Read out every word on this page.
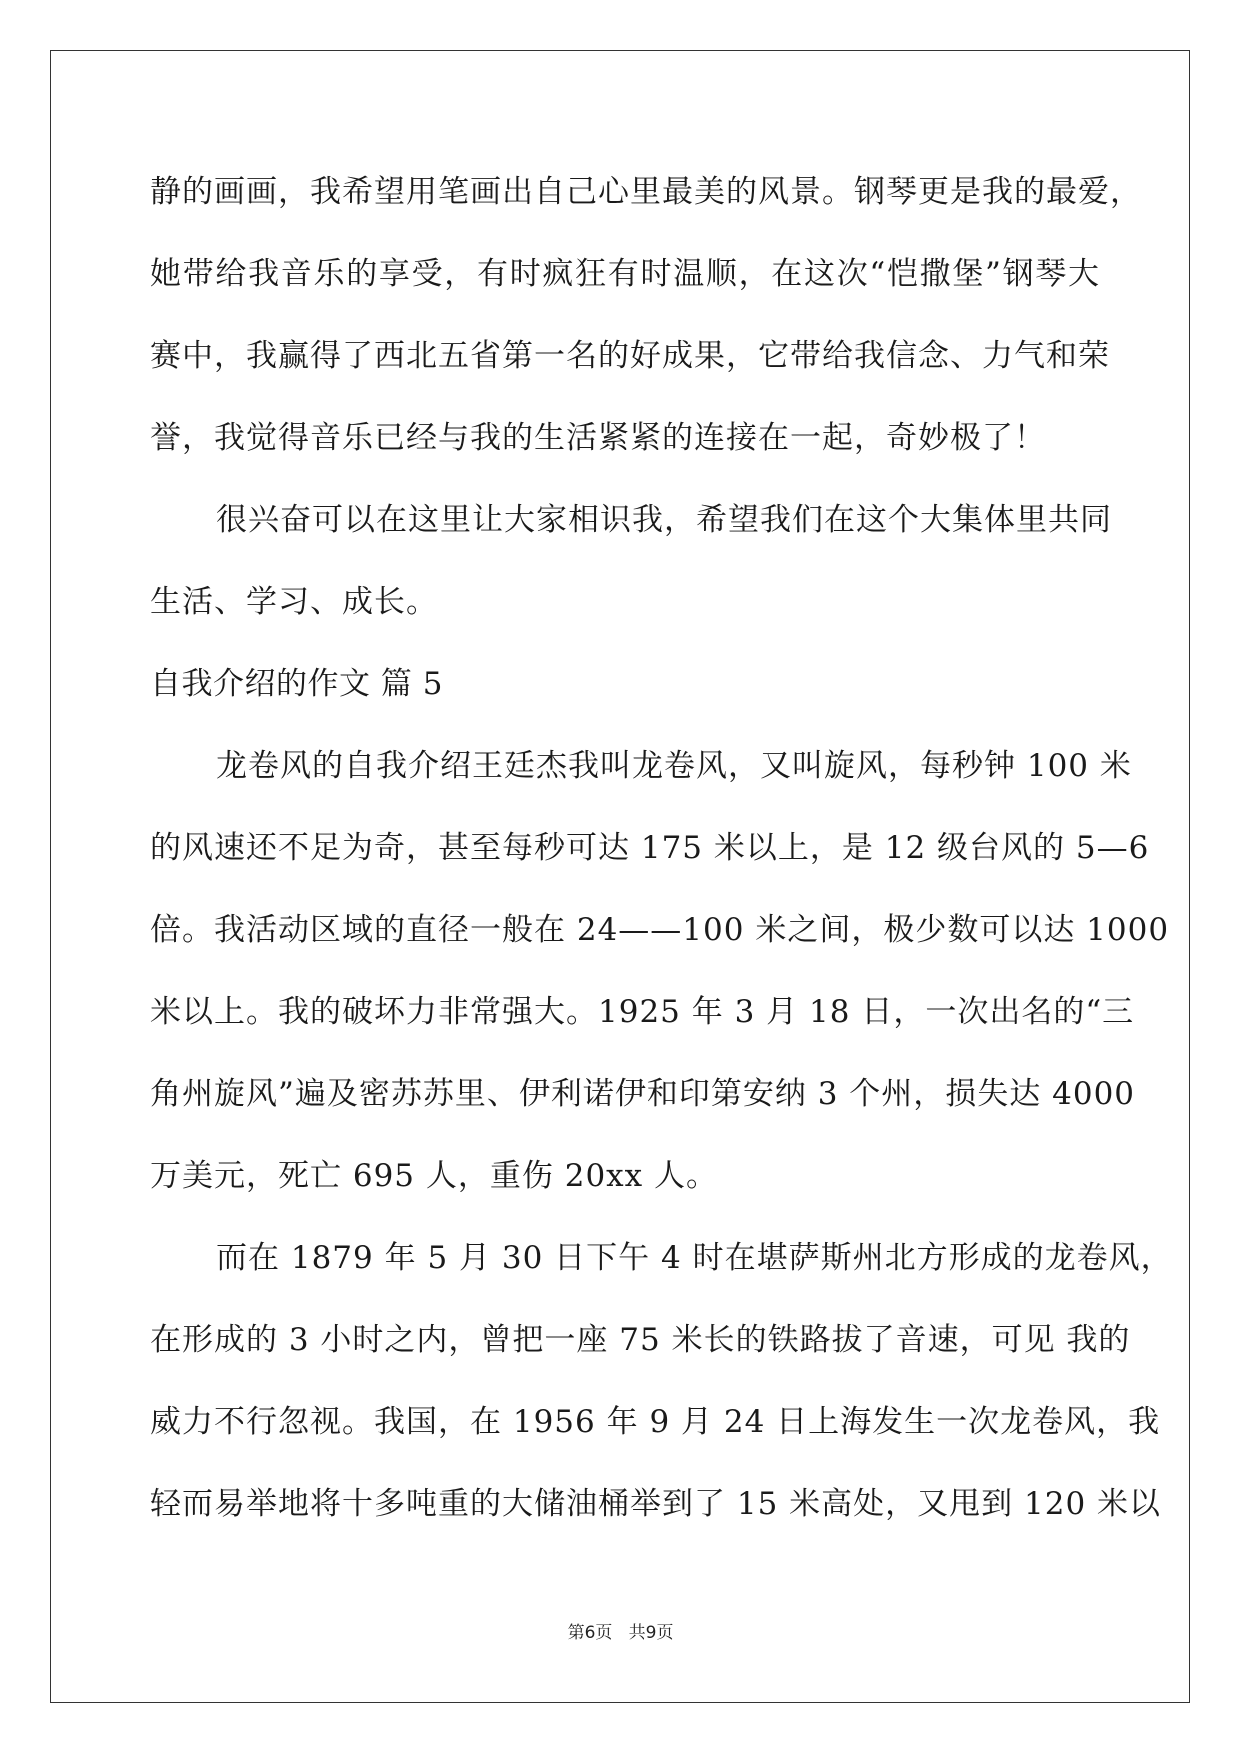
静的画画，我希望用笔画出自己心里最美的风景。钢琴更是我的最爱，
她带给我音乐的享受，有时疯狂有时温顺，在这次“恺撒堡”钢琴大
赛中，我赢得了西北五省第一名的好成果，它带给我信念、力气和荣
誉，我觉得音乐已经与我的生活紧紧的连接在一起，奇妙极了！
很兴奋可以在这里让大家相识我，希望我们在这个大集体里共同
生活、学习、成长。
自我介绍的作文 篇 5
龙卷风的自我介绍王廷杰我叫龙卷风，又叫旋风，每秒钟 100 米
的风速还不足为奇，甚至每秒可达 175 米以上，是 12 级台风的 5—6
倍。我活动区域的直径一般在 24——100 米之间，极少数可以达 1000
米以上。我的破坏力非常强大。1925 年 3 月 18 日，一次出名的“三
角州旋风”遍及密苏苏里、伊利诺伊和印第安纳 3 个州，损失达 4000
万美元，死亡 695 人，重伤 20xx 人。
而在 1879 年 5 月 30 日下午 4 时在堪萨斯州北方形成的龙卷风，
在形成的 3 小时之内，曾把一座 75 米长的铁路拔了音速，可见 我的
威力不行忽视。我国，在 1956 年 9 月 24 日上海发生一次龙卷风，我
轻而易举地将十多吨重的大储油桶举到了 15 米高处，又甩到 120 米以
第6页 共9页
